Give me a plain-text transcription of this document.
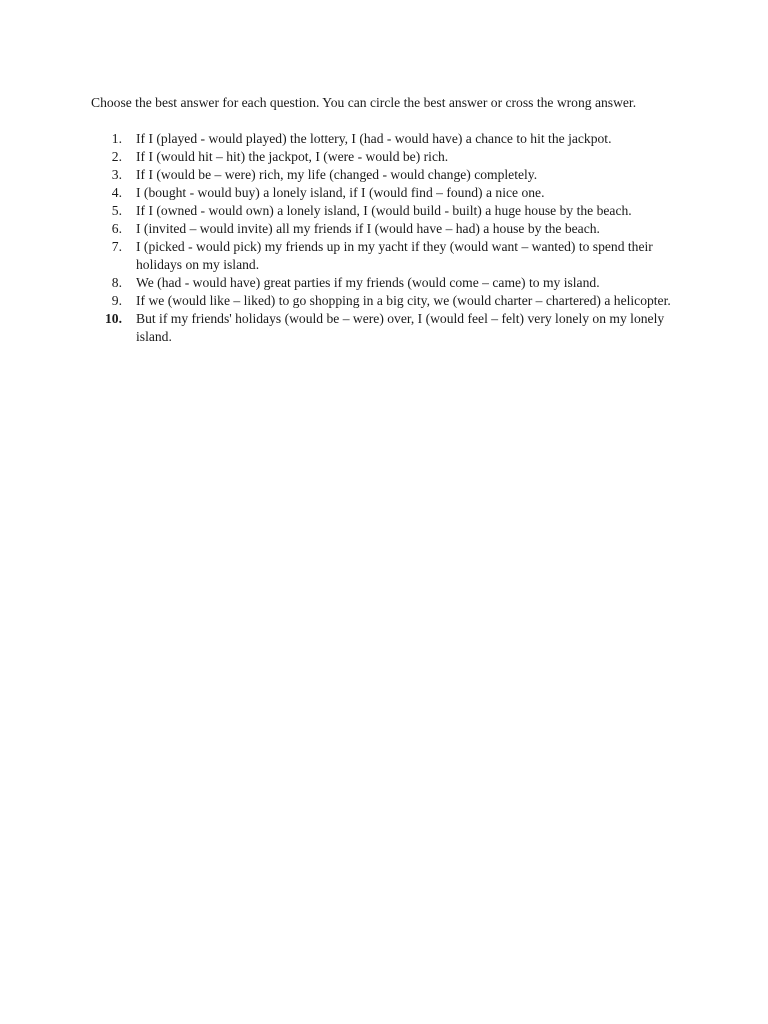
Choose the best answer for each question. You can circle the best answer or cross the wrong answer.

1. If I (played - would played) the lottery, I (had - would have) a chance to hit the jackpot.
2. If I (would hit – hit) the jackpot, I (were - would be) rich.
3. If I (would be – were) rich, my life (changed - would change) completely.
4. I (bought - would buy) a lonely island, if I (would find – found) a nice one.
5. If I (owned - would own) a lonely island, I (would build - built) a huge house by the beach.
6. I (invited – would invite) all my friends if I (would have – had) a house by the beach.
7. I (picked - would pick) my friends up in my yacht if they (would want – wanted) to spend their holidays on my island.
8. We (had - would have) great parties if my friends (would come – came) to my island.
9. If we (would like – liked) to go shopping in a big city, we (would charter – chartered) a helicopter.
10. But if my friends' holidays (would be – were) over, I (would feel – felt) very lonely on my lonely island.
